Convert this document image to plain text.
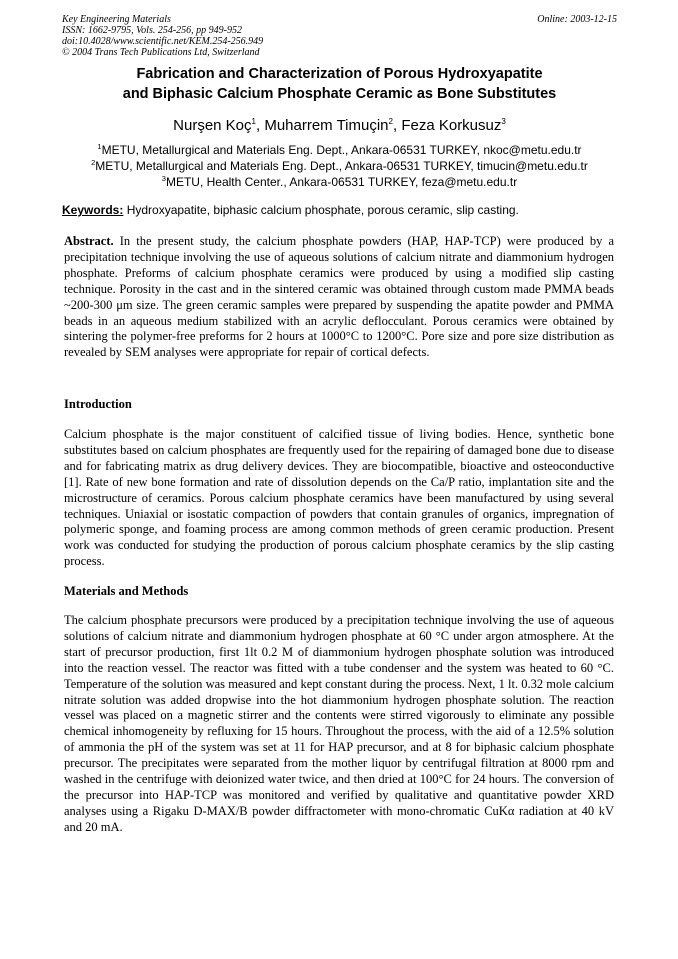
Key Engineering Materials
ISSN: 1662-9795, Vols. 254-256, pp 949-952
doi:10.4028/www.scientific.net/KEM.254-256.949
© 2004 Trans Tech Publications Ltd, Switzerland
Online: 2003-12-15
Fabrication and Characterization of Porous Hydroxyapatite
and Biphasic Calcium Phosphate Ceramic as Bone Substitutes
Nurşen Koç$^1$, Muharrem Timuçin$^2$, Feza Korkusuz$^3$
$^1$METU, Metallurgical and Materials Eng. Dept., Ankara-06531 TURKEY, nkoc@metu.edu.tr
$^2$METU, Metallurgical and Materials Eng. Dept., Ankara-06531 TURKEY, timucin@metu.edu.tr
$^3$METU, Health Center., Ankara-06531 TURKEY, feza@metu.edu.tr
Keywords: Hydroxyapatite, biphasic calcium phosphate, porous ceramic, slip casting.
Abstract. In the present study, the calcium phosphate powders (HAP, HAP-TCP) were produced by a precipitation technique involving the use of aqueous solutions of calcium nitrate and diammonium hydrogen phosphate. Preforms of calcium phosphate ceramics were produced by using a modified slip casting technique. Porosity in the cast and in the sintered ceramic was obtained through custom made PMMA beads ~200-300 μm size. The green ceramic samples were prepared by suspending the apatite powder and PMMA beads in an aqueous medium stabilized with an acrylic deflocculant. Porous ceramics were obtained by sintering the polymer-free preforms for 2 hours at 1000°C to 1200°C. Pore size and pore size distribution as revealed by SEM analyses were appropriate for repair of cortical defects.
Introduction
Calcium phosphate is the major constituent of calcified tissue of living bodies. Hence, synthetic bone substitutes based on calcium phosphates are frequently used for the repairing of damaged bone due to disease and for fabricating matrix as drug delivery devices. They are biocompatible, bioactive and osteoconductive [1]. Rate of new bone formation and rate of dissolution depends on the Ca/P ratio, implantation site and the microstructure of ceramics. Porous calcium phosphate ceramics have been manufactured by using several techniques. Uniaxial or isostatic compaction of powders that contain granules of organics, impregnation of polymeric sponge, and foaming process are among common methods of green ceramic production. Present work was conducted for studying the production of porous calcium phosphate ceramics by the slip casting process.
Materials and Methods
The calcium phosphate precursors were produced by a precipitation technique involving the use of aqueous solutions of calcium nitrate and diammonium hydrogen phosphate at 60 °C under argon atmosphere. At the start of precursor production, first 1lt 0.2 M of diammonium hydrogen phosphate solution was introduced into the reaction vessel. The reactor was fitted with a tube condenser and the system was heated to 60 °C. Temperature of the solution was measured and kept constant during the process. Next, 1 lt. 0.32 mole calcium nitrate solution was added dropwise into the hot diammonium hydrogen phosphate solution. The reaction vessel was placed on a magnetic stirrer and the contents were stirred vigorously to eliminate any possible chemical inhomogeneity by refluxing for 15 hours. Throughout the process, with the aid of a 12.5% solution of ammonia the pH of the system was set at 11 for HAP precursor, and at 8 for biphasic calcium phosphate precursor. The precipitates were separated from the mother liquor by centrifugal filtration at 8000 rpm and washed in the centrifuge with deionized water twice, and then dried at 100°C for 24 hours. The conversion of the precursor into HAP-TCP was monitored and verified by qualitative and quantitative powder XRD analyses using a Rigaku D-MAX/B powder diffractometer with mono-chromatic CuKα radiation at 40 kV and 20 mA.
